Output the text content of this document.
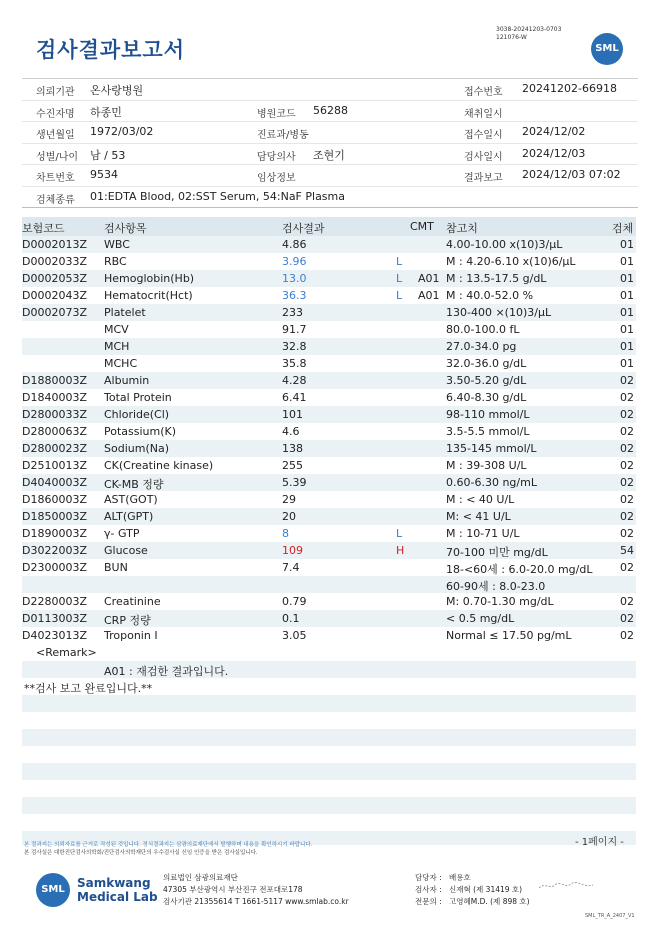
검사결과보고서
3038-20241203-0703
121076-W
SML
의뢰기관 온사랑병원	접수번호 20241202-66918
수진자명 하종민	병원코드 56288	채취일시
생년월일 1972/03/02	진료과/병동	접수일시 2024/12/02
성별/나이 남 / 53	담당의사 조현기	검사일시 2024/12/03
차트번호 9534	임상정보	결과보고 2024/12/03 07:02
검체종류 01:EDTA Blood, 02:SST Serum, 54:NaF Plasma
보험코드	검사항목	검사결과	CMT 참고치	검체
D0002013Z WBC	4.86	4.00-10.00 x(10)3/μL	01
D0002033Z RBC	3.96	L	M : 4.20-6.10 x(10)6/μL	01
D0002053Z Hemoglobin(Hb)	13.0	L A01 M : 13.5-17.5 g/dL	01
D0002043Z Hematocrit(Hct)	36.3	L A01 M : 40.0-52.0 %	01
D0002073Z Platelet	233	130-400 ×(10)3/μL	01
MCV	91.7	80.0-100.0 fL	01
MCH	32.8	27.0-34.0 pg	01
MCHC	35.8	32.0-36.0 g/dL	01
D1880003Z Albumin	4.28	3.50-5.20 g/dL	02
D1840003Z Total Protein	6.41	6.40-8.30 g/dL	02
D2800033Z Chloride(Cl)	101	98-110 mmol/L	02
D2800063Z Potassium(K)	4.6	3.5-5.5 mmol/L	02
D2800023Z Sodium(Na)	138	135-145 mmol/L	02
D2510013Z CK(Creatine kinase)	255	M : 39-308 U/L	02
D4040003Z CK-MB 정량	5.39	0.60-6.30 ng/mL	02
D1860003Z AST(GOT)	29	M : < 40 U/L	02
D1850003Z ALT(GPT)	20	M: < 41 U/L	02
D1890003Z γ- GTP	8	L	M : 10-71 U/L	02
D3022003Z Glucose	109	H	70-100 미만 mg/dL	54
D2300003Z BUN	7.4	18-<60세 : 6.0-20.0 mg/dL	02
60-90세 : 8.0-23.0
D2280003Z Creatinine	0.79	M: 0.70-1.30 mg/dL	02
D0113003Z CRP 정량	0.1	< 0.5 mg/dL	02
D4023013Z Troponin I	3.05	Normal ≤ 17.50 pg/mL	02
<Remark>
A01 : 재검한 결과입니다.
**검사 보고 완료입니다.**
- 1페이지 -
본 결과지는 의뢰자료를 근거로 작성된 것입니다. 정식결과지는 삼광의료재단에서 발행하며 내용을 확인하시기 바랍니다.
본 검사실은 대한진단검사의학회/진단검사의학재단의 우수검사실 신임 인증을 받은 검사실입니다.
SML	Samkwang
Medical Lab
의료법인 삼광의료재단
47305 부산광역시 부산진구 전포대로178
검사기관 21355614 T 1661-5117 www.smlab.co.kr
담당자 : 배용호
검사자 : 신재혁 (제 31419 호)
전문의 : 고영혜M.D. (제 898 호)
SML_TR_A_2407_V1
